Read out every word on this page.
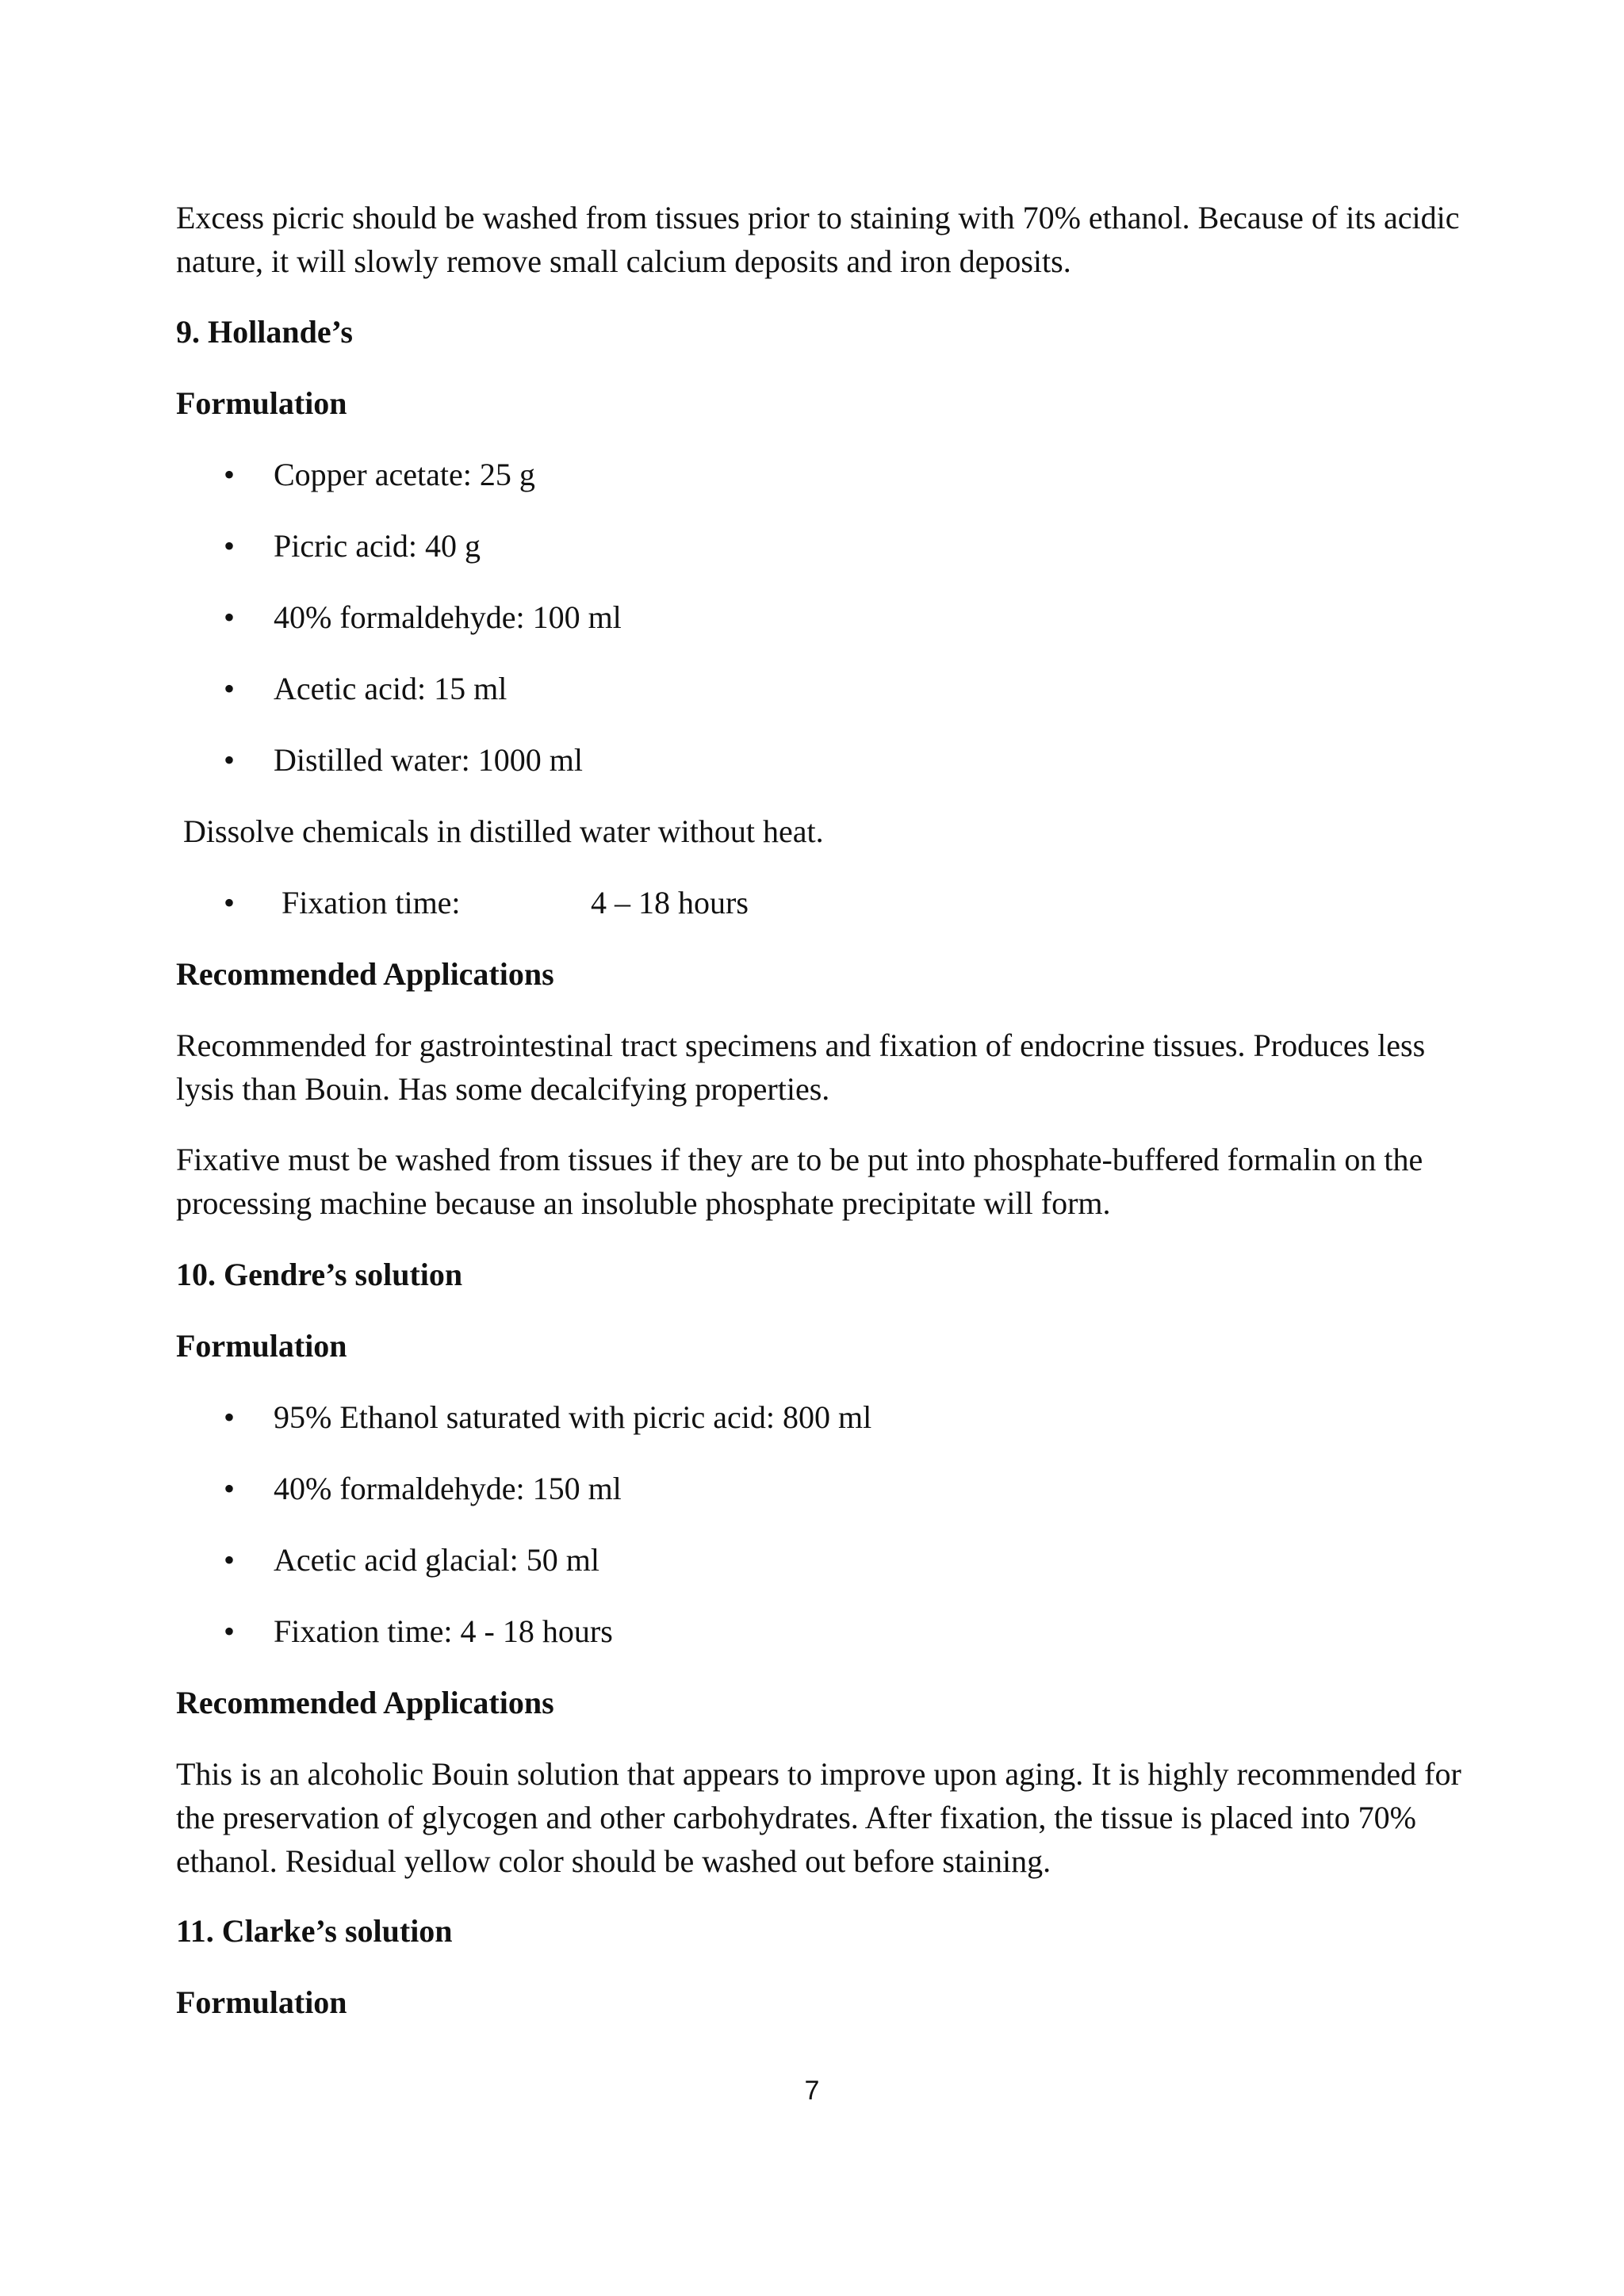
Excess picric should be washed from tissues prior to staining with 70% ethanol. Because of its acidic nature, it will slowly remove small calcium deposits and iron deposits.

9. Hollande’s

Formulation

• Copper acetate: 25 g
• Picric acid: 40 g
• 40% formaldehyde: 100 ml
• Acetic acid: 15 ml
• Distilled water: 1000 ml

Dissolve chemicals in distilled water without heat.

• Fixation time:	4 – 18 hours

Recommended Applications

Recommended for gastrointestinal tract specimens and fixation of endocrine tissues. Produces less lysis than Bouin. Has some decalcifying properties.

Fixative must be washed from tissues if they are to be put into phosphate-buffered formalin on the processing machine because an insoluble phosphate precipitate will form.

10. Gendre’s solution

Formulation

• 95% Ethanol saturated with picric acid: 800 ml
• 40% formaldehyde: 150 ml
• Acetic acid glacial: 50 ml
• Fixation time: 4 - 18 hours

Recommended Applications

This is an alcoholic Bouin solution that appears to improve upon aging. It is highly recommended for the preservation of glycogen and other carbohydrates. After fixation, the tissue is placed into 70% ethanol. Residual yellow color should be washed out before staining.

11. Clarke’s solution

Formulation

7
